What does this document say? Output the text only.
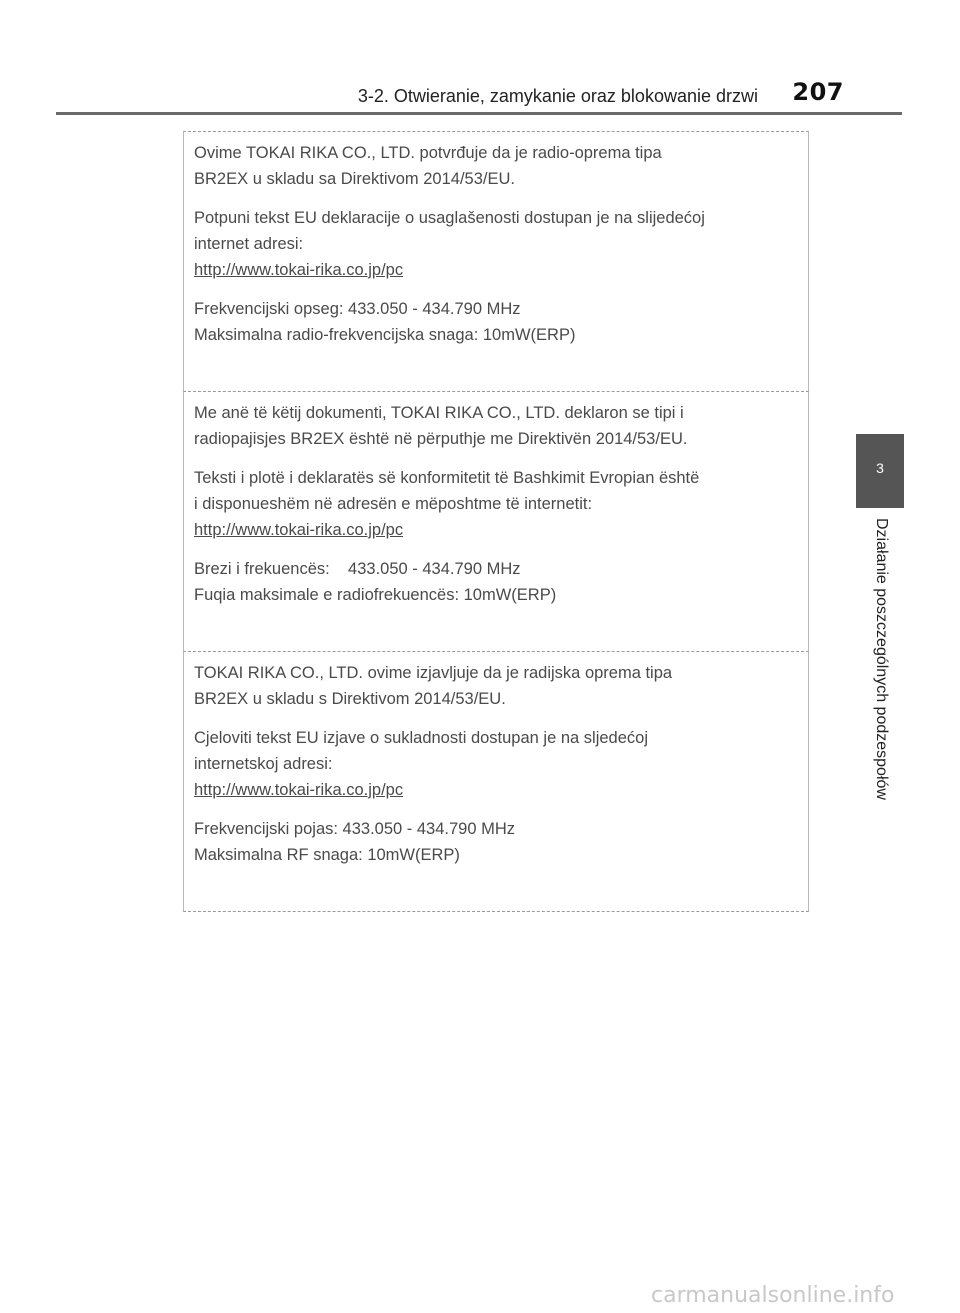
3-2. Otwieranie, zamykanie oraz blokowanie drzwi 207
3
Działanie poszczególnych podzespołów

Ovime TOKAI RIKA CO., LTD. potvrđuje da je radio-oprema tipa
BR2EX u skladu sa Direktivom 2014/53/EU.

Potpuni tekst EU deklaracije o usaglašenosti dostupan je na slijedećoj
internet adresi:
http://www.tokai-rika.co.jp/pc

Frekvencijski opseg: 433.050 - 434.790 MHz
Maksimalna radio-frekvencijska snaga: 10mW(ERP)

Me anë të këtij dokumenti, TOKAI RIKA CO., LTD. deklaron se tipi i
radiopajisjes BR2EX është në përputhje me Direktivën 2014/53/EU.

Teksti i plotë i deklaratës së konformitetit të Bashkimit Evropian është
i disponueshëm në adresën e mëposhtme të internetit:
http://www.tokai-rika.co.jp/pc

Brezi i frekuencës:    433.050 - 434.790 MHz
Fuqia maksimale e radiofrekuencës: 10mW(ERP)

TOKAI RIKA CO., LTD. ovime izjavljuje da je radijska oprema tipa
BR2EX u skladu s Direktivom 2014/53/EU.

Cjeloviti tekst EU izjave o sukladnosti dostupan je na sljedećoj
internetskoj adresi:
http://www.tokai-rika.co.jp/pc

Frekvencijski pojas: 433.050 - 434.790 MHz
Maksimalna RF snaga: 10mW(ERP)

carmanualsonline.info
